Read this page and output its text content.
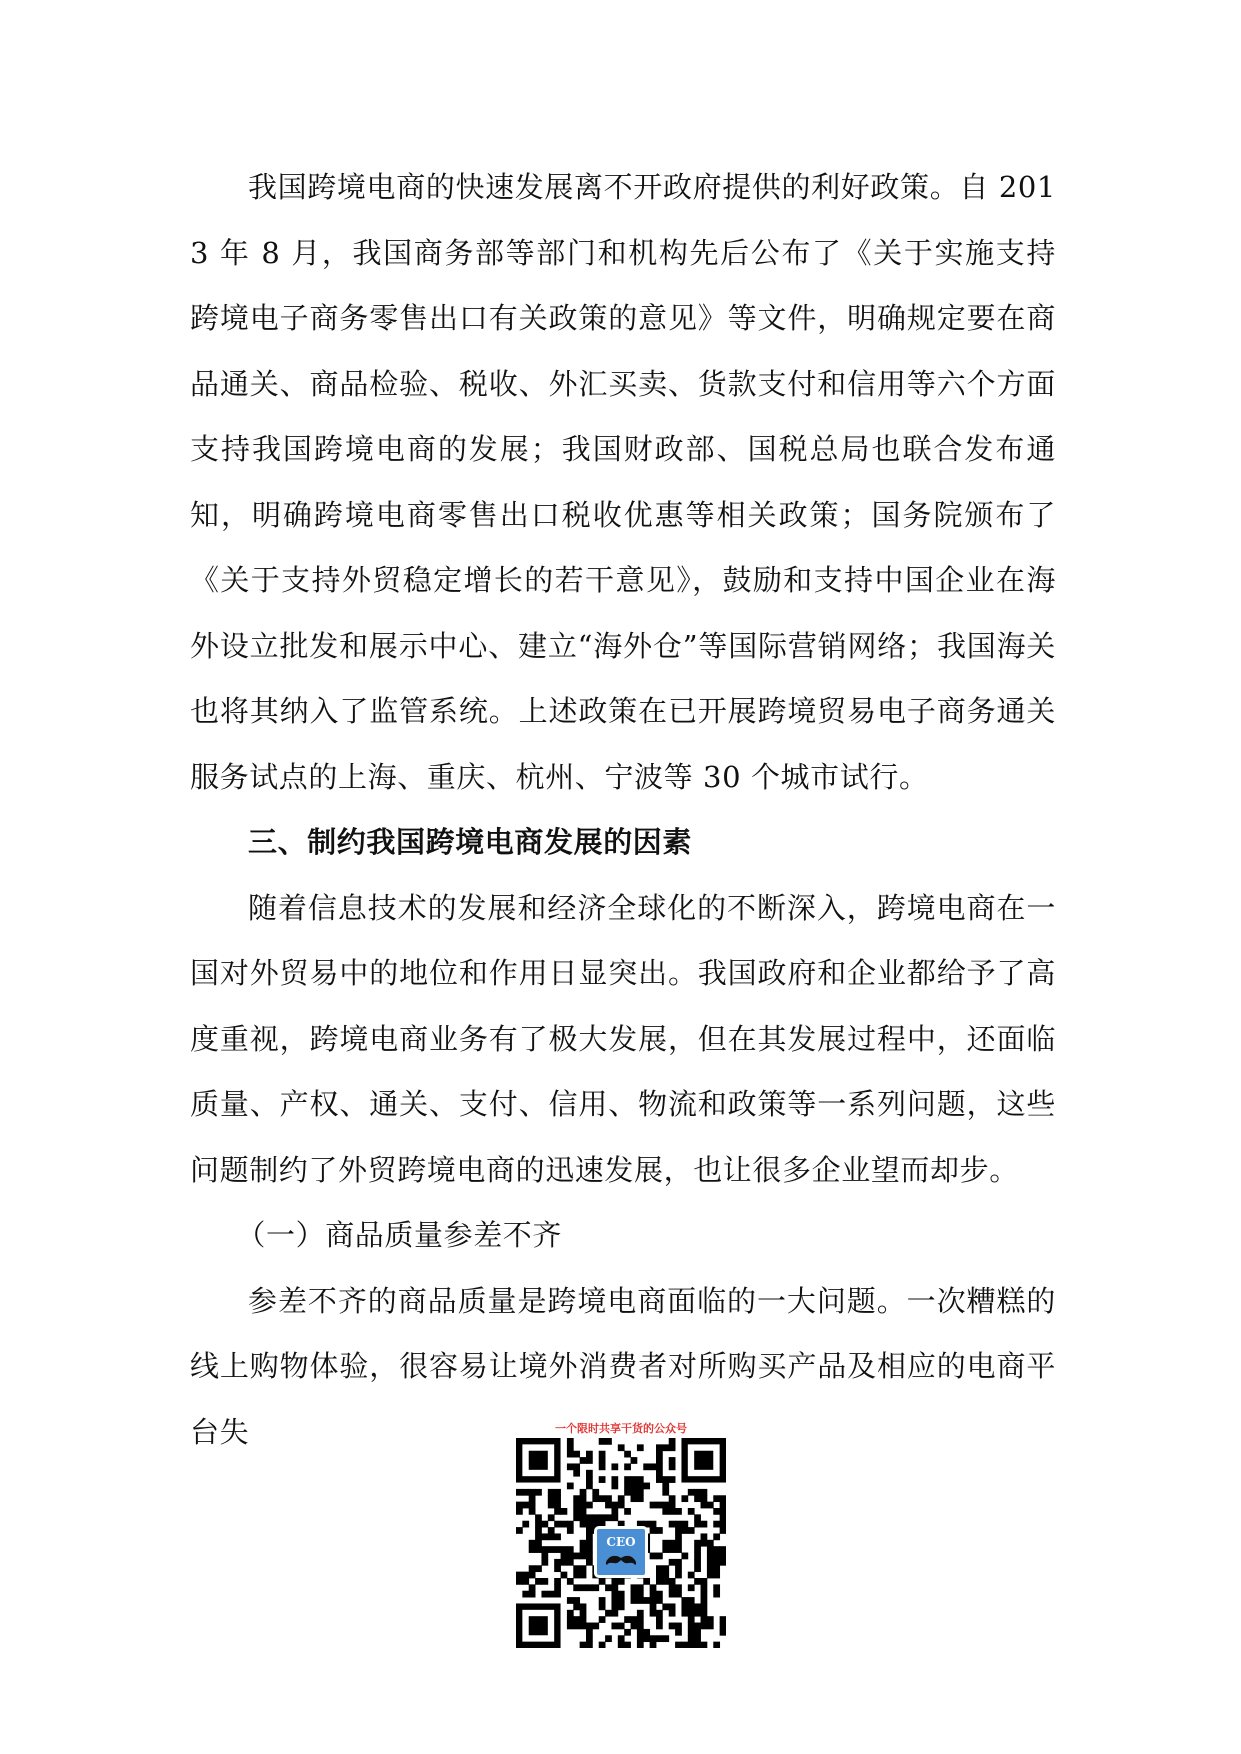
我国跨境电商的快速发展离不开政府提供的利好政策。自 2013 年 8 月，我国商务部等部门和机构先后公布了《关于实施支持跨境电子商务零售出口有关政策的意见》等文件，明确规定要在商品通关、商品检验、税收、外汇买卖、货款支付和信用等六个方面支持我国跨境电商的发展；我国财政部、国税总局也联合发布通知，明确跨境电商零售出口税收优惠等相关政策；国务院颁布了《关于支持外贸稳定增长的若干意见》，鼓励和支持中国企业在海外设立批发和展示中心、建立“海外仓”等国际营销网络；我国海关也将其纳入了监管系统。上述政策在已开展跨境贸易电子商务通关服务试点的上海、重庆、杭州、宁波等 30 个城市试行。

三、制约我国跨境电商发展的因素

随着信息技术的发展和经济全球化的不断深入，跨境电商在一国对外贸易中的地位和作用日显突出。我国政府和企业都给予了高度重视，跨境电商业务有了极大发展，但在其发展过程中，还面临质量、产权、通关、支付、信用、物流和政策等一系列问题，这些问题制约了外贸跨境电商的迅速发展，也让很多企业望而却步。

（一）商品质量参差不齐

参差不齐的商品质量是跨境电商面临的一大问题。一次糟糕的线上购物体验，很容易让境外消费者对所购买产品及相应的电商平台失	一个限时共享干货的公众号
CEO
